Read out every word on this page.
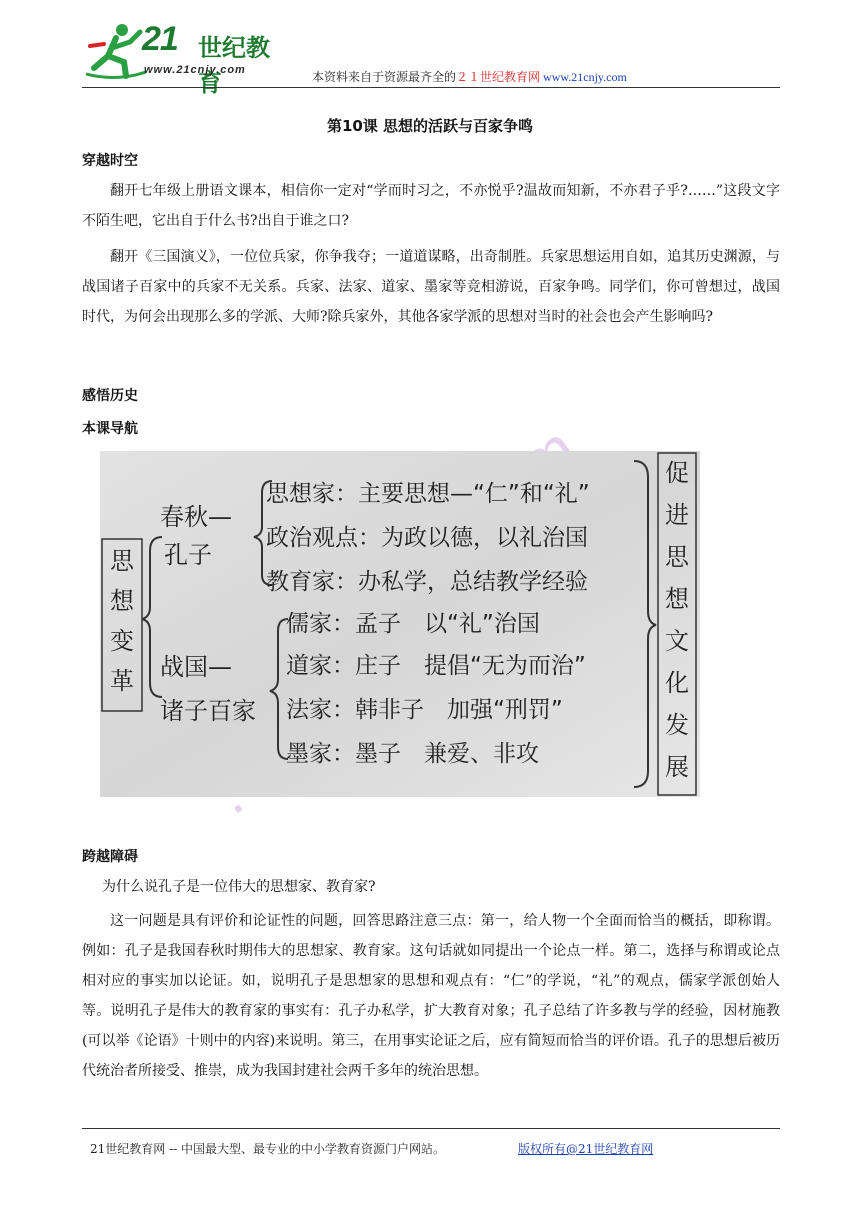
21 世纪教育
www.21cnjy.com	本资料来自于资源最齐全的２１世纪教育网 www.21cnjy.com
第10课 思想的活跃与百家争鸣
穿越时空

翻开七年级上册语文课本，相信你一定对“学而时习之，不亦悦乎?温故而知新，不亦君子乎?……”这段文字不陌生吧，它出自于什么书?出自于谁之口?

翻开《三国演义》，一位位兵家，你争我夺；一道道谋略，出奇制胜。兵家思想运用自如，追其历史渊源，与战国诸子百家中的兵家不无关系。兵家、法家、道家、墨家等竞相游说，百家争鸣。同学们，你可曾想过，战国时代，为何会出现那么多的学派、大师?除兵家外，其他各家学派的思想对当时的社会也会产生影响吗?

感悟历史
本课导航
思
想
变
革
春秋—
孔子
战国—
诸子百家
思想家：主要思想—“仁”和“礼”
政治观点：为政以德，以礼治国
教育家：办私学，总结教学经验
儒家：孟子　以“礼”治国
道家：庄子　提倡“无为而治”
法家：韩非子　加强“刑罚”
墨家：墨子　兼爱、非攻
促
进
思
想
文
化
发
展
跨越障碍

为什么说孔子是一位伟大的思想家、教育家?

这一问题是具有评价和论证性的问题，回答思路注意三点：第一，给人物一个全面而恰当的概括，即称谓。例如：孔子是我国春秋时期伟大的思想家、教育家。这句话就如同提出一个论点一样。第二，选择与称谓或论点相对应的事实加以论证。如，说明孔子是思想家的思想和观点有：“仁”的学说，“礼”的观点，儒家学派创始人等。说明孔子是伟大的教育家的事实有：孔子办私学，扩大教育对象；孔子总结了许多教与学的经验，因材施教(可以举《论语》十则中的内容)来说明。第三，在用事实论证之后，应有简短而恰当的评价语。孔子的思想后被历代统治者所接受、推崇，成为我国封建社会两千多年的统治思想。

21世纪教育网 -- 中国最大型、最专业的中小学教育资源门户网站。	版权所有@21世纪教育网
